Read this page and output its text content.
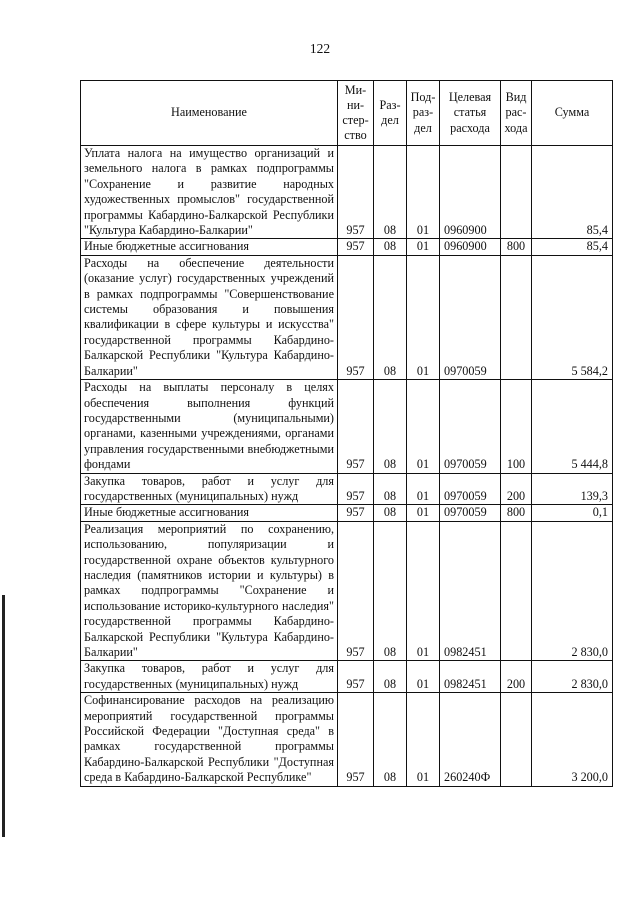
122
Наименование	Ми-
ни-
стер-
ство	Раз-
дел	Под-
раз-
дел	Целевая
статья
расхода	Вид
рас-
хода	Сумма
Уплата налога на имущество организаций и земельного налога в рамках подпрограммы "Сохранение и развитие народных художественных промыслов" государственной программы Кабардино-Балкарской Республики "Культура Кабардино-Балкарии"	957	08	01	0960900		85,4
Иные бюджетные ассигнования	957	08	01	0960900	800	85,4
Расходы на обеспечение деятельности (оказание услуг) государственных учреждений в рамках подпрограммы "Совершенствование системы образования и повышения квалификации в сфере культуры и искусства" государственной программы Кабардино-Балкарской Республики "Культура Кабардино-Балкарии"	957	08	01	0970059		5 584,2
Расходы на выплаты персоналу в целях обеспечения выполнения функций государственными (муниципальными) органами, казенными учреждениями, органами управления государственными внебюджетными фондами	957	08	01	0970059	100	5 444,8
Закупка товаров, работ и услуг для государственных (муниципальных) нужд	957	08	01	0970059	200	139,3
Иные бюджетные ассигнования	957	08	01	0970059	800	0,1
Реализация мероприятий по сохранению, использованию, популяризации и государственной охране объектов культурного наследия (памятников истории и культуры) в рамках подпрограммы "Сохранение и использование историко-культурного наследия" государственной программы Кабардино-Балкарской Республики "Культура Кабардино-Балкарии"	957	08	01	0982451		2 830,0
Закупка товаров, работ и услуг для государственных (муниципальных) нужд	957	08	01	0982451	200	2 830,0
Софинансирование расходов на реализацию мероприятий государственной программы Российской Федерации "Доступная среда" в рамках государственной программы Кабардино-Балкарской Республики "Доступная среда в Кабардино-Балкарской Республике"	957	08	01	260240Ф		3 200,0
